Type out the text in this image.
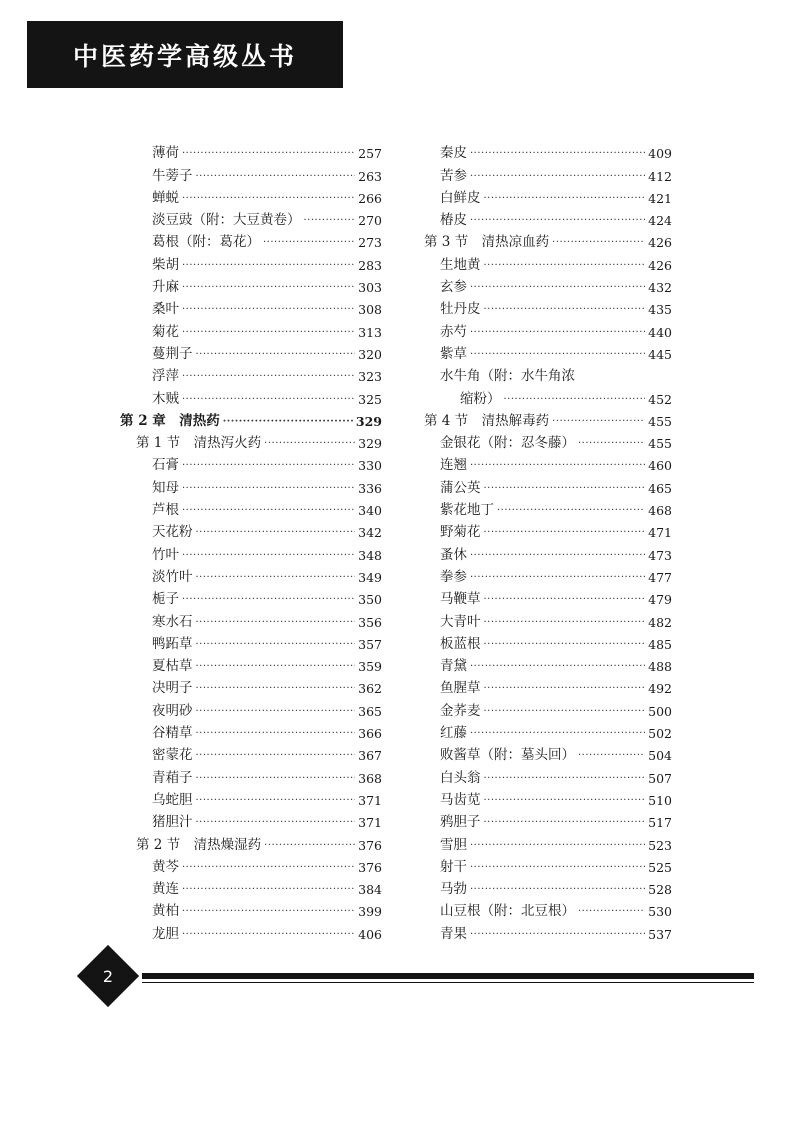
中医药学高级丛书
薄荷 ·····	257
牛蒡子 ·····	263
蝉蜕 ·····	266
淡豆豉（附：大豆黄卷） ·····	270
葛根（附：葛花） ·····	273
柴胡 ·····	283
升麻 ·····	303
桑叶 ·····	308
菊花 ·····	313
蔓荆子 ·····	320
浮萍 ·····	323
木贼 ·····	325
第 2 章　清热药 ·····	329
第 1 节　清热泻火药 ·····	329
石膏 ·····	330
知母 ·····	336
芦根 ·····	340
天花粉 ·····	342
竹叶 ·····	348
淡竹叶 ·····	349
栀子 ·····	350
寒水石 ·····	356
鸭跖草 ·····	357
夏枯草 ·····	359
决明子 ·····	362
夜明砂 ·····	365
谷精草 ·····	366
密蒙花 ·····	367
青葙子 ·····	368
乌蛇胆 ·····	371
猪胆汁 ·····	371
第 2 节　清热燥湿药 ·····	376
黄芩 ·····	376
黄连 ·····	384
黄柏 ·····	399
龙胆 ·····	406
秦皮 ·····	409
苦参 ·····	412
白鲜皮 ·····	421
椿皮 ·····	424
第 3 节　清热凉血药 ·····	426
生地黄 ·····	426
玄参 ·····	432
牡丹皮 ·····	435
赤芍 ·····	440
紫草 ·····	445
水牛角（附：水牛角浓
缩粉） ·····	452
第 4 节　清热解毒药 ·····	455
金银花（附：忍冬藤） ·····	455
连翘 ·····	460
蒲公英 ·····	465
紫花地丁 ·····	468
野菊花 ·····	471
蚤休 ·····	473
拳参 ·····	477
马鞭草 ·····	479
大青叶 ·····	482
板蓝根 ·····	485
青黛 ·····	488
鱼腥草 ·····	492
金荞麦 ·····	500
红藤 ·····	502
败酱草（附：墓头回） ·····	504
白头翁 ·····	507
马齿苋 ·····	510
鸦胆子 ·····	517
雪胆 ·····	523
射干 ·····	525
马勃 ·····	528
山豆根（附：北豆根） ·····	530
青果 ·····	537
2
